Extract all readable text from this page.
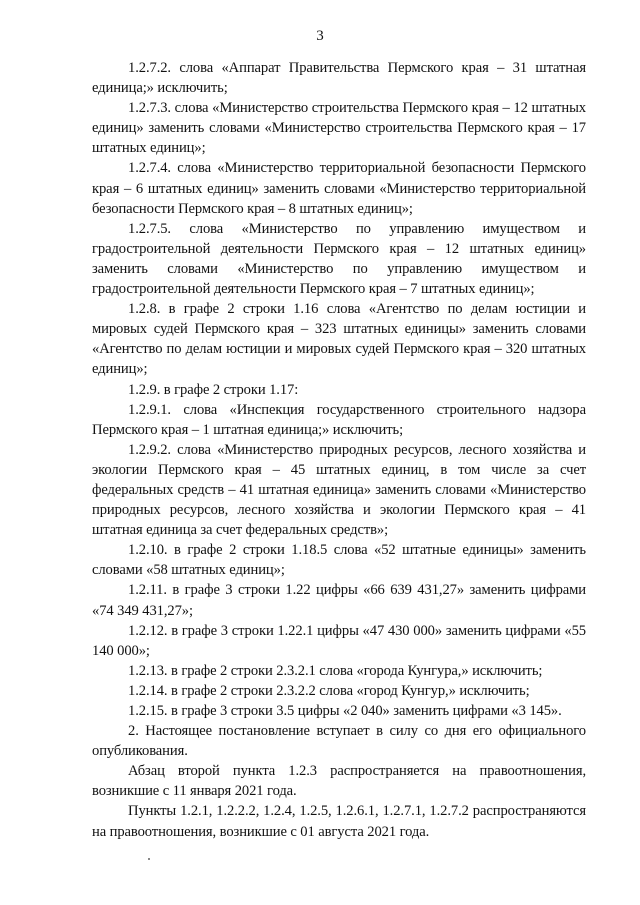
3

1.2.7.2. слова «Аппарат Правительства Пермского края – 31 штатная единица;» исключить;

1.2.7.3. слова «Министерство строительства Пермского края – 12 штатных единиц» заменить словами «Министерство строительства Пермского края – 17 штатных единиц»;

1.2.7.4. слова «Министерство территориальной безопасности Пермского края – 6 штатных единиц» заменить словами «Министерство территориальной безопасности Пермского края – 8 штатных единиц»;

1.2.7.5. слова «Министерство по управлению имуществом и градостроительной деятельности Пермского края – 12 штатных единиц» заменить словами «Министерство по управлению имуществом и градостроительной деятельности Пермского края – 7 штатных единиц»;

1.2.8. в графе 2 строки 1.16 слова «Агентство по делам юстиции и мировых судей Пермского края – 323 штатных единицы» заменить словами «Агентство по делам юстиции и мировых судей Пермского края – 320 штатных единиц»;

1.2.9. в графе 2 строки 1.17:

1.2.9.1. слова «Инспекция государственного строительного надзора Пермского края – 1 штатная единица;» исключить;

1.2.9.2. слова «Министерство природных ресурсов, лесного хозяйства и экологии Пермского края – 45 штатных единиц, в том числе за счет федеральных средств – 41 штатная единица» заменить словами «Министерство природных ресурсов, лесного хозяйства и экологии Пермского края – 41 штатная единица за счет федеральных средств»;

1.2.10. в графе 2 строки 1.18.5 слова «52 штатные единицы» заменить словами «58 штатных единиц»;

1.2.11. в графе 3 строки 1.22 цифры «66 639 431,27» заменить цифрами «74 349 431,27»;

1.2.12. в графе 3 строки 1.22.1 цифры «47 430 000» заменить цифрами «55 140 000»;

1.2.13. в графе 2 строки 2.3.2.1 слова «города Кунгура,» исключить;

1.2.14. в графе 2 строки 2.3.2.2 слова «город Кунгур,» исключить;

1.2.15. в графе 3 строки 3.5 цифры «2 040» заменить цифрами «3 145».

2. Настоящее постановление вступает в силу со дня его официального опубликования.

Абзац второй пункта 1.2.3 распространяется на правоотношения, возникшие с 11 января 2021 года.

Пункты 1.2.1, 1.2.2.2, 1.2.4, 1.2.5, 1.2.6.1, 1.2.7.1, 1.2.7.2 распространяются на правоотношения, возникшие с 01 августа 2021 года.
